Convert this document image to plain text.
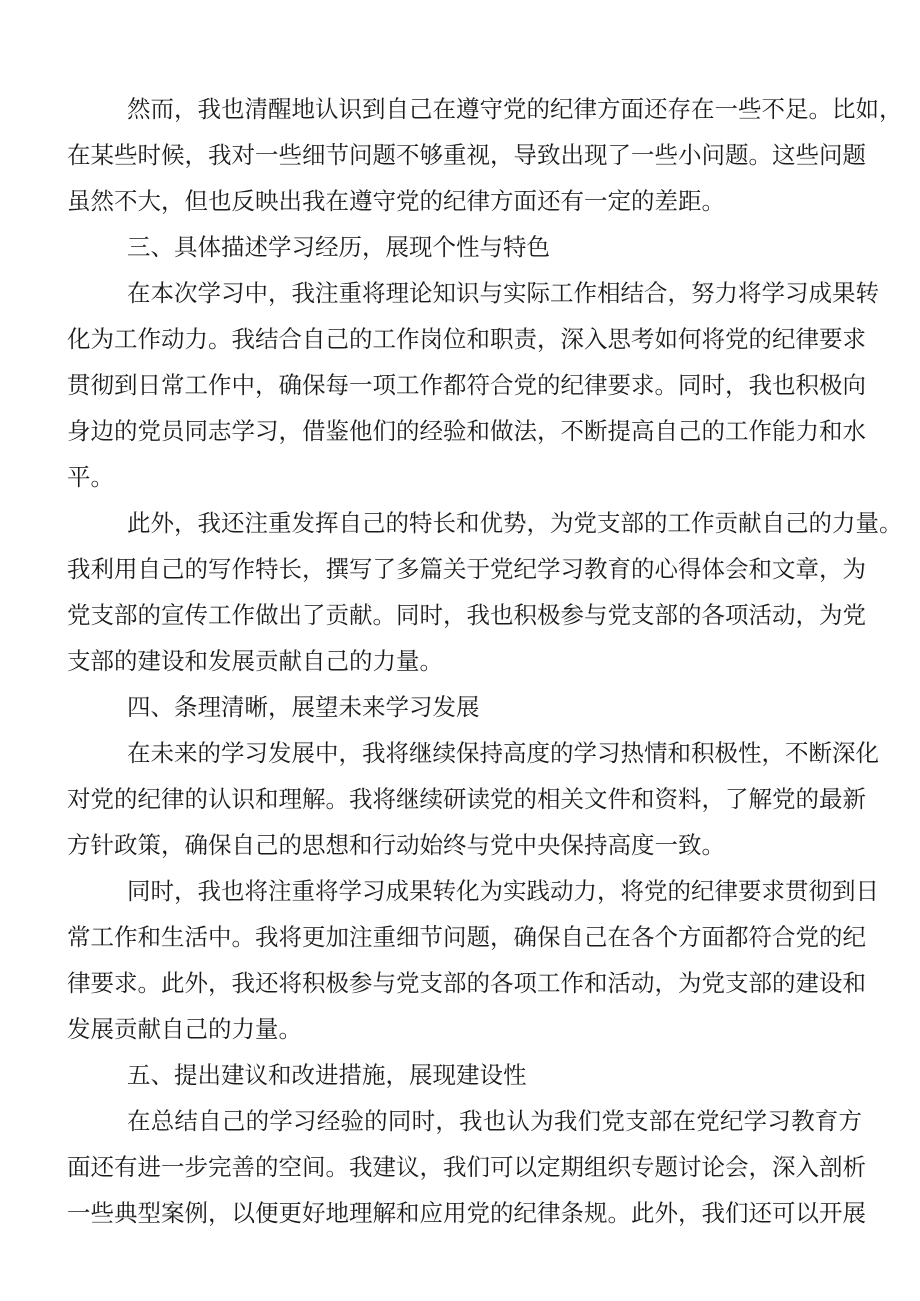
然而，我也清醒地认识到自己在遵守党的纪律方面还存在一些不足。比如，
在某些时候，我对一些细节问题不够重视，导致出现了一些小问题。这些问题
虽然不大，但也反映出我在遵守党的纪律方面还有一定的差距。
三、具体描述学习经历，展现个性与特色
在本次学习中，我注重将理论知识与实际工作相结合，努力将学习成果转
化为工作动力。我结合自己的工作岗位和职责，深入思考如何将党的纪律要求
贯彻到日常工作中，确保每一项工作都符合党的纪律要求。同时，我也积极向
身边的党员同志学习，借鉴他们的经验和做法，不断提高自己的工作能力和水
平。
此外，我还注重发挥自己的特长和优势，为党支部的工作贡献自己的力量。
我利用自己的写作特长，撰写了多篇关于党纪学习教育的心得体会和文章，为
党支部的宣传工作做出了贡献。同时，我也积极参与党支部的各项活动，为党
支部的建设和发展贡献自己的力量。
四、条理清晰，展望未来学习发展
在未来的学习发展中，我将继续保持高度的学习热情和积极性，不断深化
对党的纪律的认识和理解。我将继续研读党的相关文件和资料，了解党的最新
方针政策，确保自己的思想和行动始终与党中央保持高度一致。
同时，我也将注重将学习成果转化为实践动力，将党的纪律要求贯彻到日
常工作和生活中。我将更加注重细节问题，确保自己在各个方面都符合党的纪
律要求。此外，我还将积极参与党支部的各项工作和活动，为党支部的建设和
发展贡献自己的力量。
五、提出建议和改进措施，展现建设性
在总结自己的学习经验的同时，我也认为我们党支部在党纪学习教育方
面还有进一步完善的空间。我建议，我们可以定期组织专题讨论会，深入剖析
一些典型案例，以便更好地理解和应用党的纪律条规。此外，我们还可以开展
